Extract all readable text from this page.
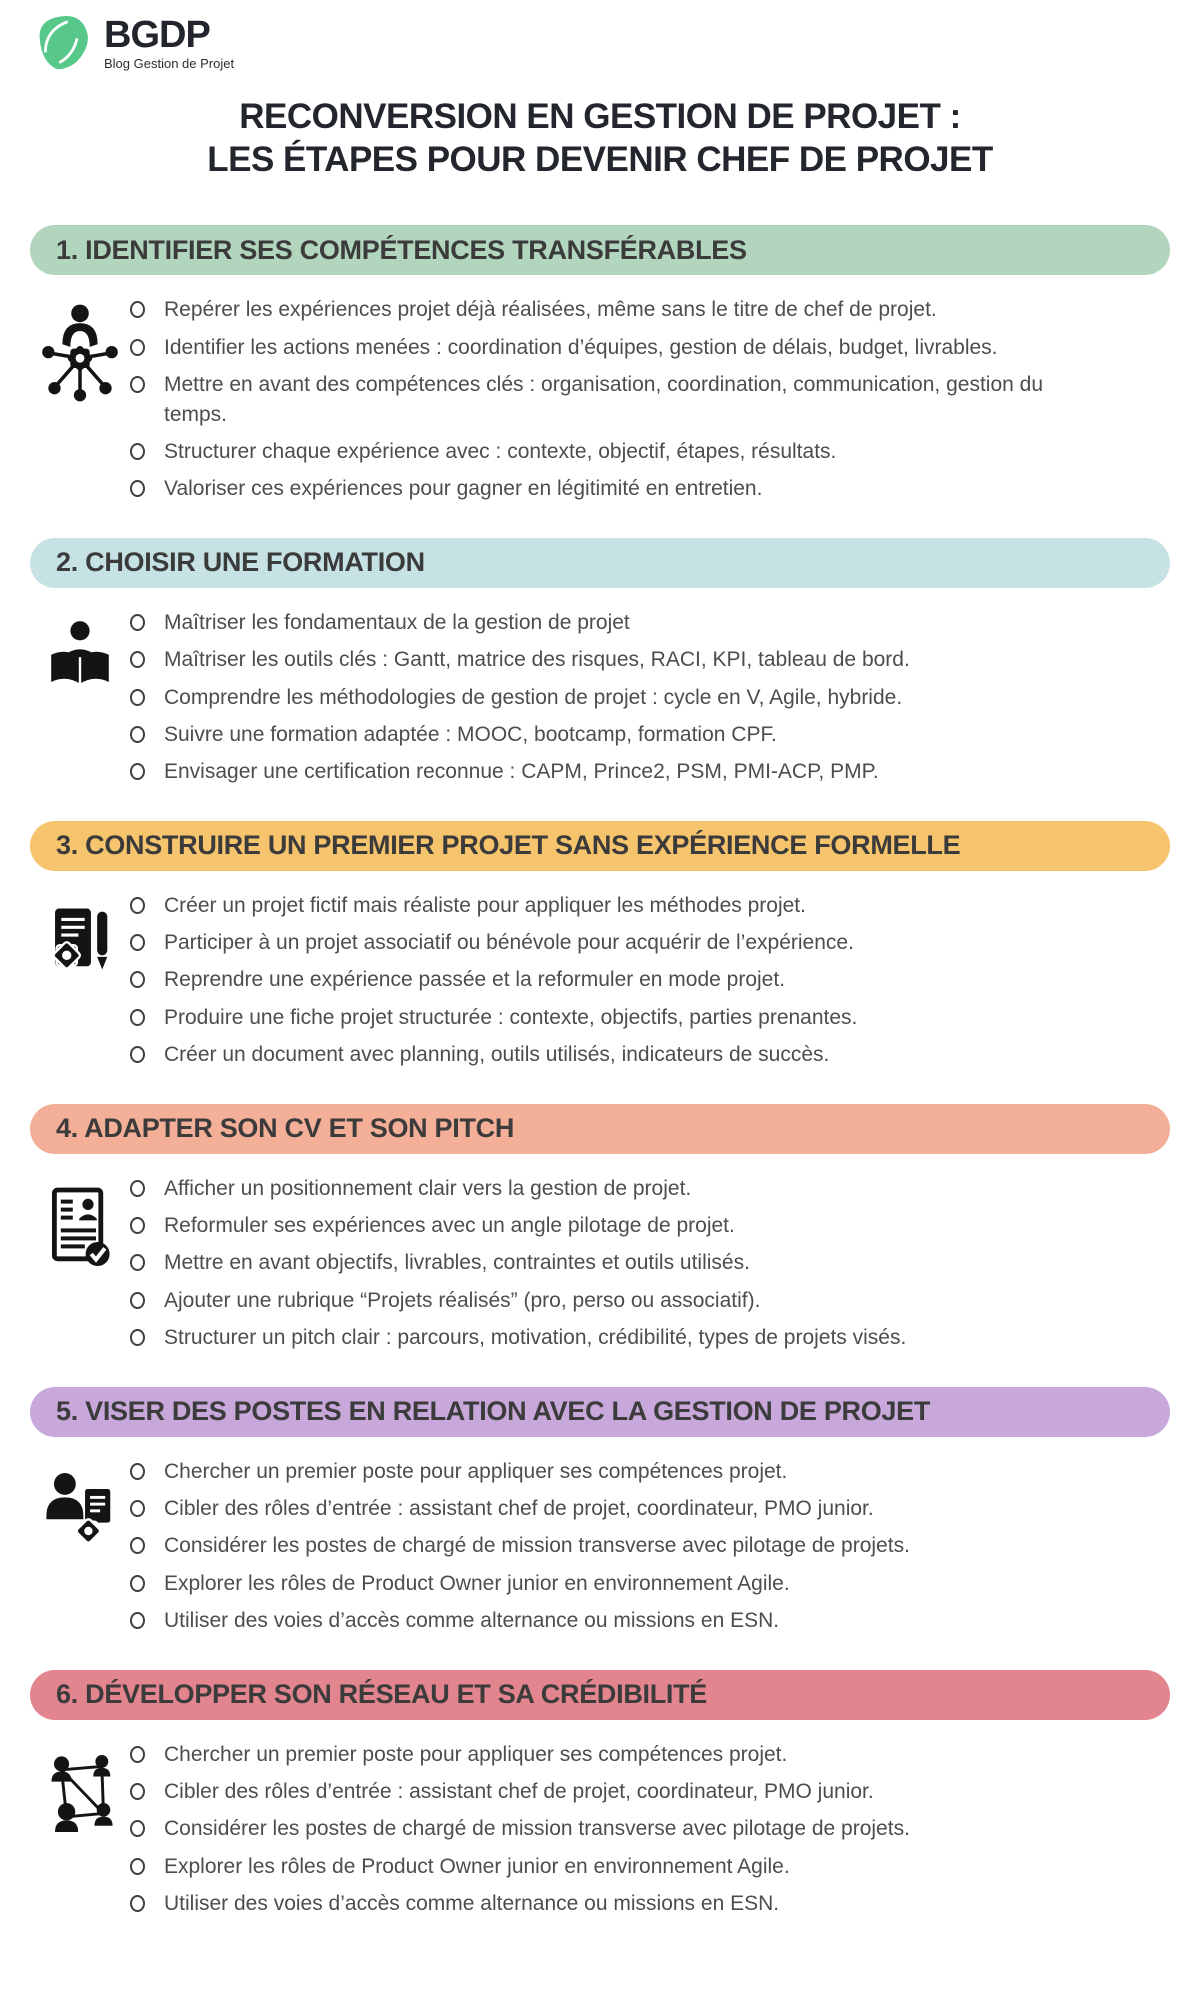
BGDP
Blog Gestion de Projet
RECONVERSION EN GESTION DE PROJET :
LES ÉTAPES POUR DEVENIR CHEF DE PROJET
1. IDENTIFIER SES COMPÉTENCES TRANSFÉRABLES
Repérer les expériences projet déjà réalisées, même sans le titre de chef de projet.
Identifier les actions menées : coordination d’équipes, gestion de délais, budget, livrables.
Mettre en avant des compétences clés : organisation, coordination, communication, gestion du temps.
Structurer chaque expérience avec : contexte, objectif, étapes, résultats.
Valoriser ces expériences pour gagner en légitimité en entretien.
2. CHOISIR UNE FORMATION
Maîtriser les fondamentaux de la gestion de projet
Maîtriser les outils clés : Gantt, matrice des risques, RACI, KPI, tableau de bord.
Comprendre les méthodologies de gestion de projet : cycle en V, Agile, hybride.
Suivre une formation adaptée : MOOC, bootcamp, formation CPF.
Envisager une certification reconnue : CAPM, Prince2, PSM, PMI-ACP, PMP.
3. CONSTRUIRE UN PREMIER PROJET SANS EXPÉRIENCE FORMELLE
Créer un projet fictif mais réaliste pour appliquer les méthodes projet.
Participer à un projet associatif ou bénévole pour acquérir de l’expérience.
Reprendre une expérience passée et la reformuler en mode projet.
Produire une fiche projet structurée : contexte, objectifs, parties prenantes.
Créer un document avec planning, outils utilisés, indicateurs de succès.
4. ADAPTER SON CV ET SON PITCH
Afficher un positionnement clair vers la gestion de projet.
Reformuler ses expériences avec un angle pilotage de projet.
Mettre en avant objectifs, livrables, contraintes et outils utilisés.
Ajouter une rubrique “Projets réalisés” (pro, perso ou associatif).
Structurer un pitch clair : parcours, motivation, crédibilité, types de projets visés.
5. VISER DES POSTES EN RELATION AVEC LA GESTION DE PROJET
Chercher un premier poste pour appliquer ses compétences projet.
Cibler des rôles d’entrée : assistant chef de projet, coordinateur, PMO junior.
Considérer les postes de chargé de mission transverse avec pilotage de projets.
Explorer les rôles de Product Owner junior en environnement Agile.
Utiliser des voies d’accès comme alternance ou missions en ESN.
6. DÉVELOPPER SON RÉSEAU ET SA CRÉDIBILITÉ
Chercher un premier poste pour appliquer ses compétences projet.
Cibler des rôles d’entrée : assistant chef de projet, coordinateur, PMO junior.
Considérer les postes de chargé de mission transverse avec pilotage de projets.
Explorer les rôles de Product Owner junior en environnement Agile.
Utiliser des voies d’accès comme alternance ou missions en ESN.
